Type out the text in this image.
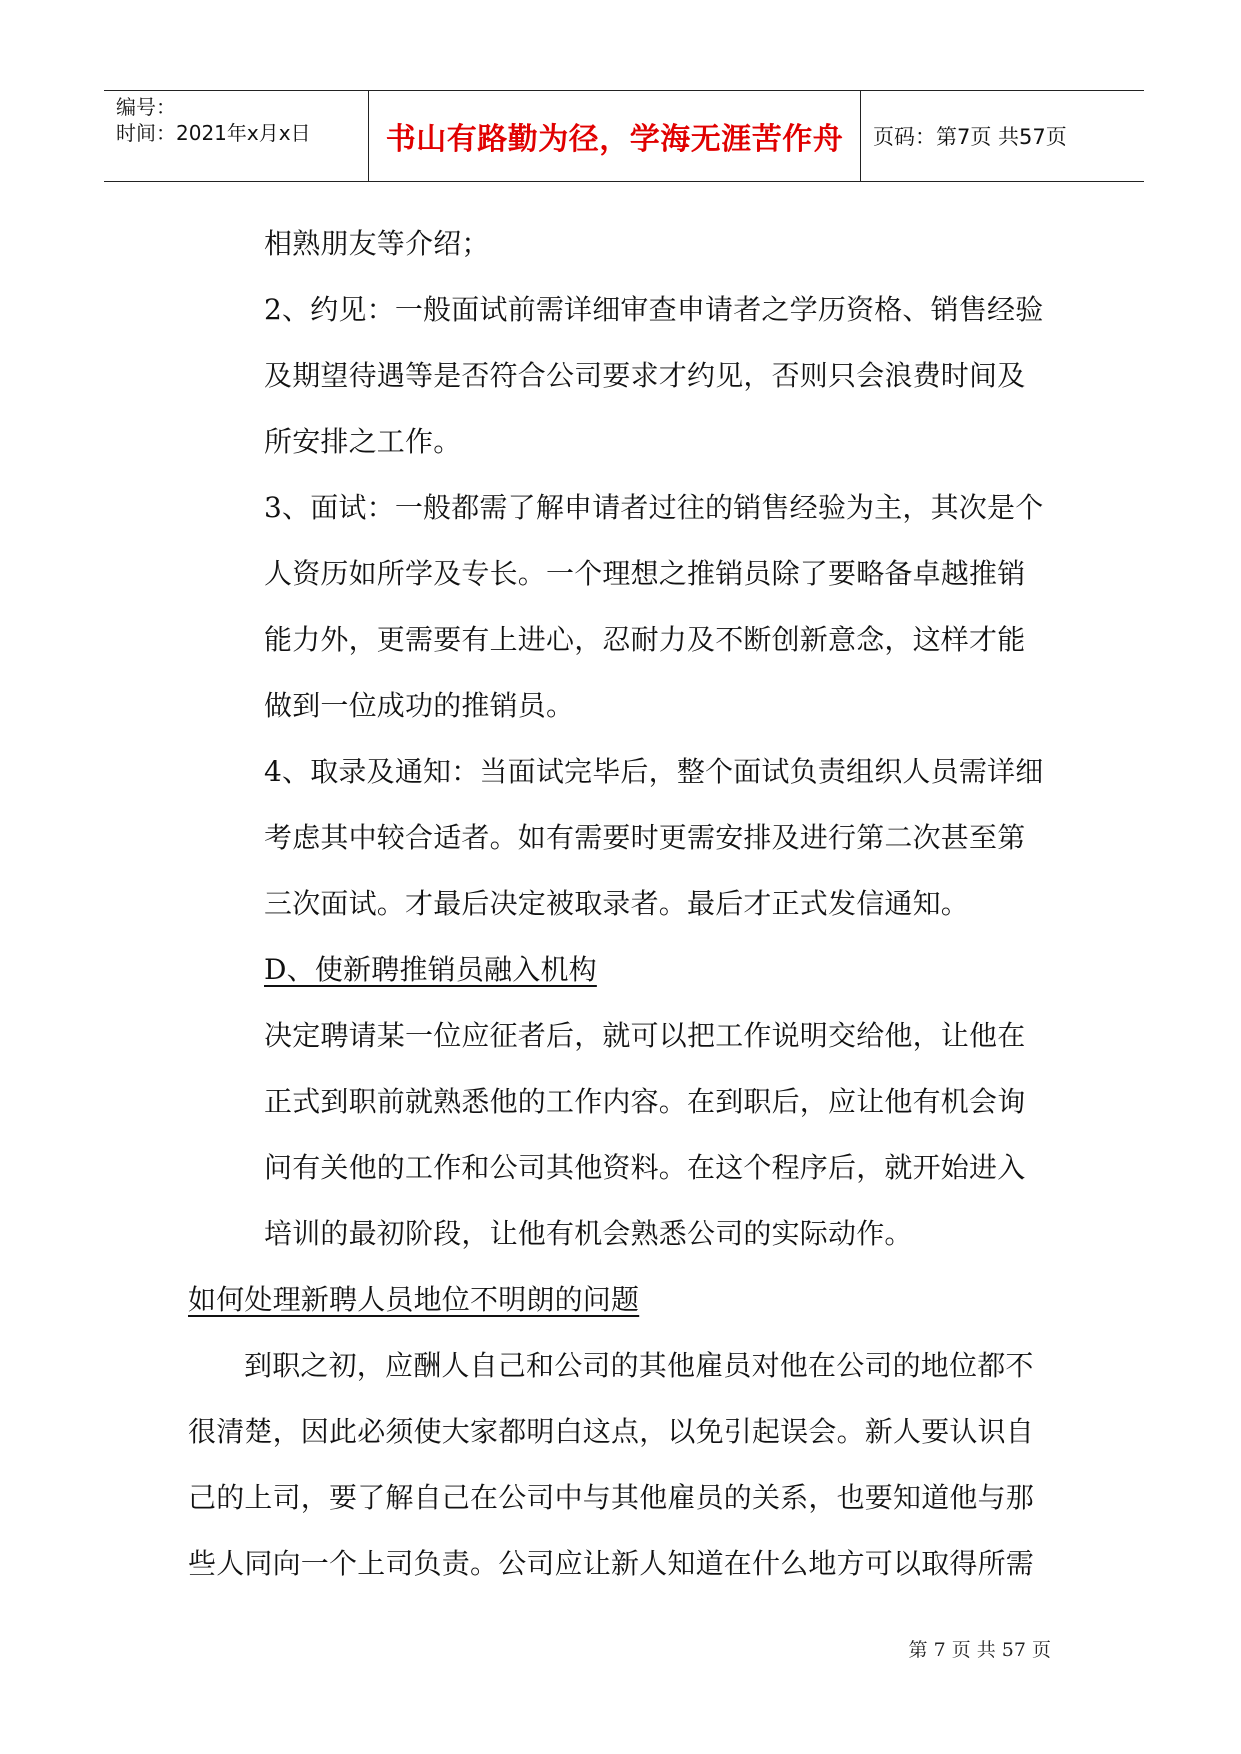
编号：
时间：2021年x月x日	书山有路勤为径，学海无涯苦作舟	页码：第7页 共57页
相熟朋友等介绍；
2、约见：一般面试前需详细审查申请者之学历资格、销售经验
及期望待遇等是否符合公司要求才约见，否则只会浪费时间及
所安排之工作。
3、面试：一般都需了解申请者过往的销售经验为主，其次是个
人资历如所学及专长。一个理想之推销员除了要略备卓越推销
能力外，更需要有上进心，忍耐力及不断创新意念，这样才能
做到一位成功的推销员。
4、取录及通知：当面试完毕后，整个面试负责组织人员需详细
考虑其中较合适者。如有需要时更需安排及进行第二次甚至第
三次面试。才最后决定被取录者。最后才正式发信通知。
D、使新聘推销员融入机构
决定聘请某一位应征者后，就可以把工作说明交给他，让他在
正式到职前就熟悉他的工作内容。在到职后，应让他有机会询
问有关他的工作和公司其他资料。在这个程序后，就开始进入
培训的最初阶段，让他有机会熟悉公司的实际动作。
如何处理新聘人员地位不明朗的问题
到职之初，应酬人自己和公司的其他雇员对他在公司的地位都不
很清楚，因此必须使大家都明白这点，以免引起误会。新人要认识自
己的上司，要了解自己在公司中与其他雇员的关系，也要知道他与那
些人同向一个上司负责。公司应让新人知道在什么地方可以取得所需
第 7 页 共 57 页
